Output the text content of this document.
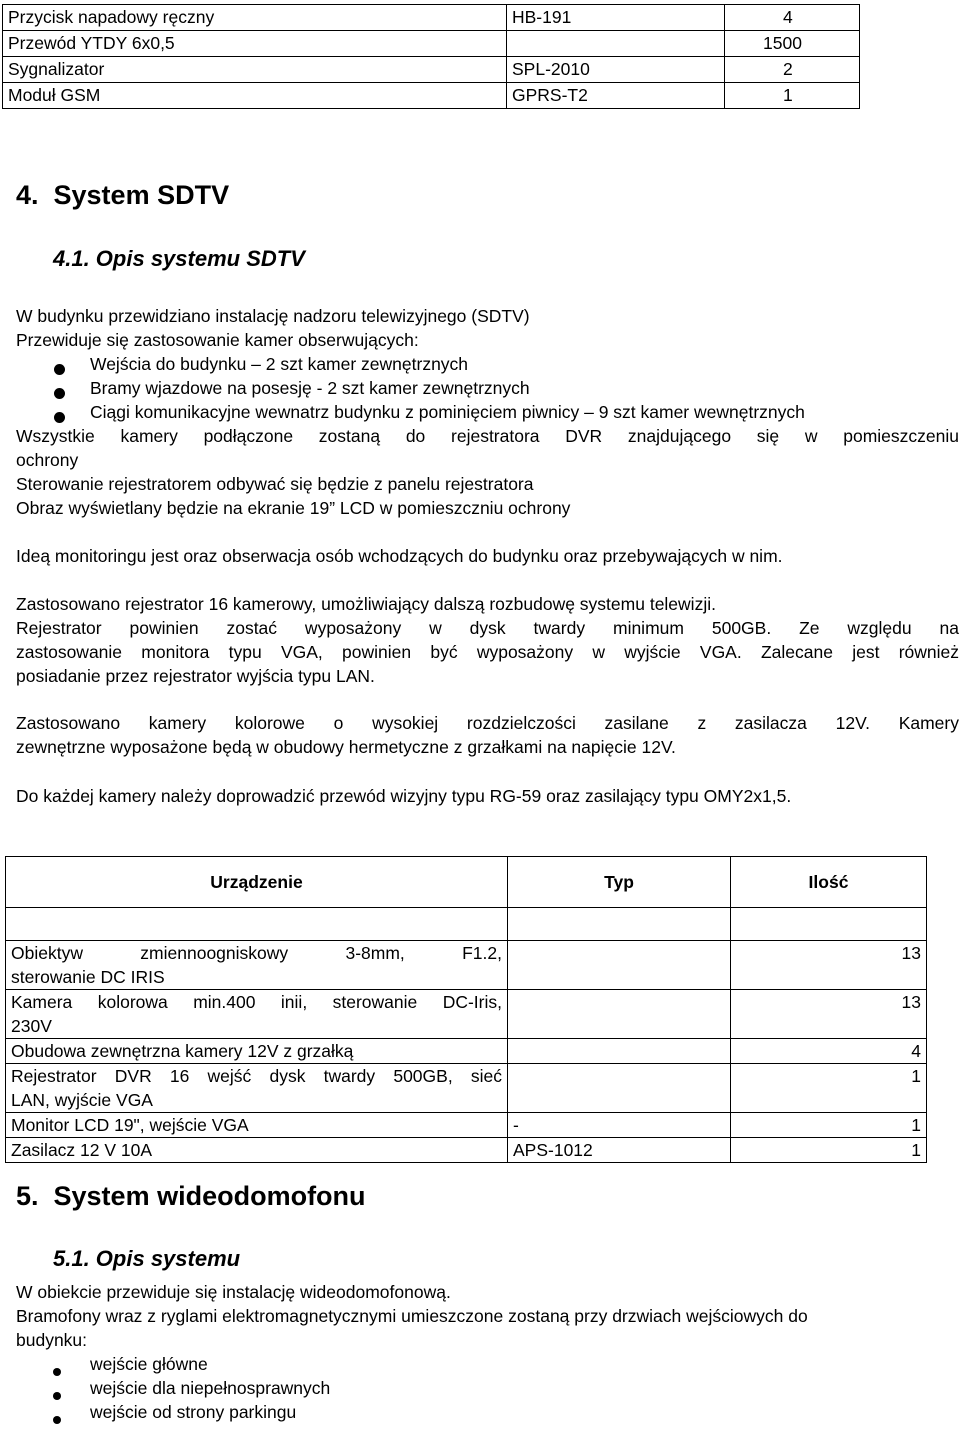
Przycisk napadowy ręczny	HB-191	4
Przewód YTDY 6x0,5		1500
Sygnalizator	SPL-2010	2
Moduł GSM	GPRS-T2	1
4.  System SDTV
4.1. Opis systemu SDTV
W budynku przewidziano instalację nadzoru telewizyjnego (SDTV)
Przewiduje się zastosowanie kamer obserwujących:
Wejścia do budynku – 2 szt kamer zewnętrznych
Bramy wjazdowe na posesję - 2 szt kamer zewnętrznych
Ciągi komunikacyjne wewnatrz budynku z pominięciem piwnicy – 9 szt kamer wewnętrznych
Wszystkie kamery podłączone zostaną do rejestratora DVR znajdującego się w pomieszczeniu
ochrony
Sterowanie rejestratorem odbywać się będzie z panelu rejestratora
Obraz wyświetlany będzie na ekranie 19” LCD w pomieszczniu ochrony
Ideą monitoringu jest oraz obserwacja osób wchodzących do budynku oraz przebywających w nim.
Zastosowano rejestrator 16 kamerowy, umożliwiający dalszą rozbudowę systemu telewizji.
Rejestrator powinien zostać wyposażony w dysk twardy minimum 500GB. Ze względu na
zastosowanie monitora typu VGA, powinien być wyposażony w wyjście VGA. Zalecane jest również
posiadanie przez rejestrator wyjścia typu LAN.
Zastosowano kamery kolorowe o wysokiej rozdzielczości zasilane z zasilacza 12V. Kamery
zewnętrzne wyposażone będą w obudowy hermetyczne z grzałkami na napięcie 12V.
Do każdej kamery należy doprowadzić przewód wizyjny typu RG-59 oraz zasilający typu OMY2x1,5.
Urządzenie	Typ	Ilość

Obiektyw zmiennoogniskowy 3-8mm, F1.2,
sterowanie DC IRIS		13

Kamera kolorowa min.400 inii, sterowanie DC-Iris,
230V		13
Obudowa zewnętrzna kamery 12V z grzałką		4

Rejestrator DVR 16 wejść dysk twardy 500GB, sieć
LAN, wyjście VGA		1
Monitor LCD 19", wejście VGA	-	1
Zasilacz 12 V 10A	APS-1012	1
5.  System wideodomofonu
5.1. Opis systemu
W obiekcie przewiduje się instalację wideodomofonową.
Bramofony wraz z ryglami elektromagnetycznymi umieszczone zostaną przy drzwiach wejściowych do
budynku:
wejście główne
wejście dla niepełnosprawnych
wejście od strony parkingu
